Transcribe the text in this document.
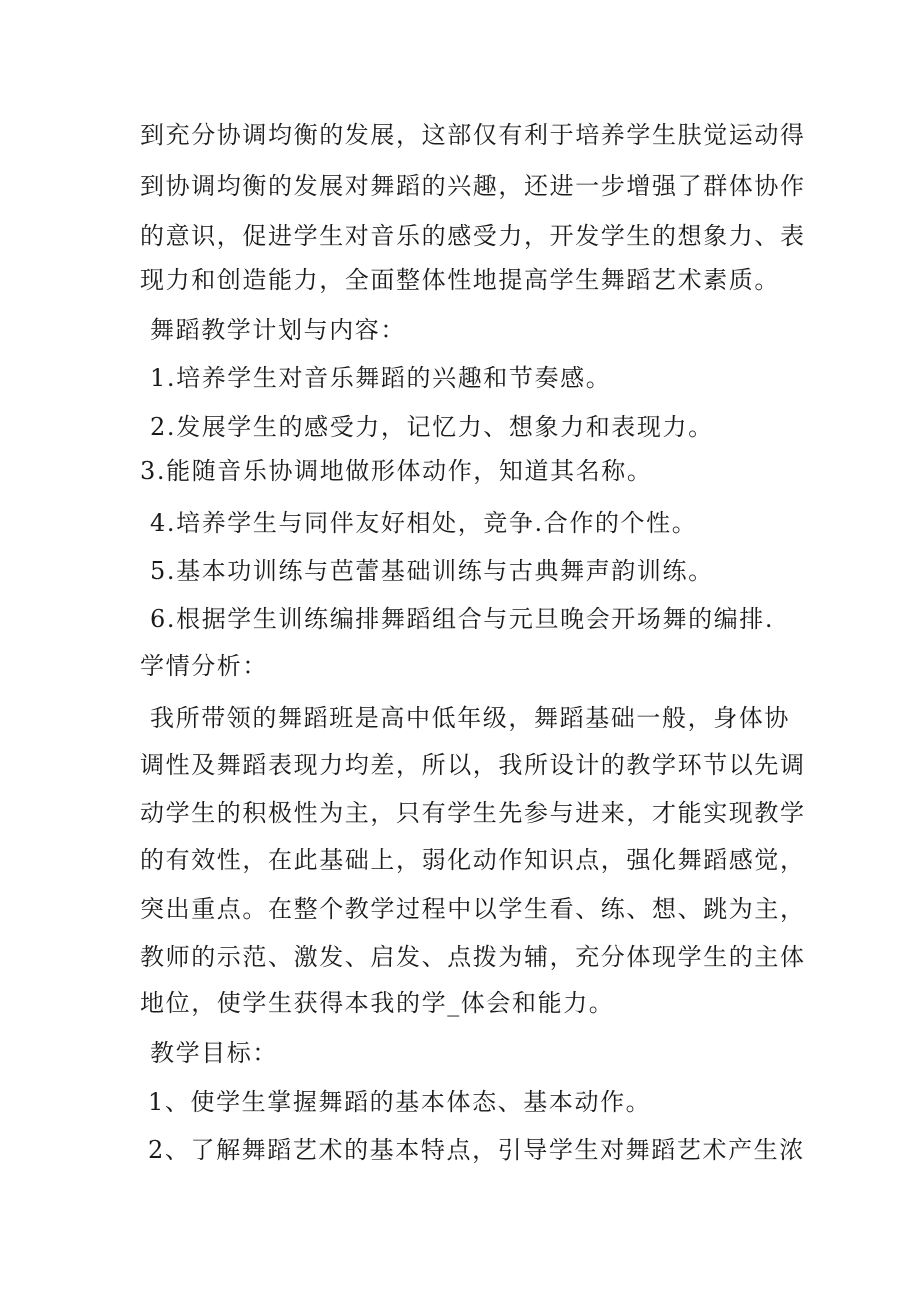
到充分协调均衡的发展，这部仅有利于培养学生肤觉运动得
到协调均衡的发展对舞蹈的兴趣，还进一步增强了群体协作
的意识，促进学生对音乐的感受力，开发学生的想象力、表
现力和创造能力，全面整体性地提高学生舞蹈艺术素质。
舞蹈教学计划与内容：
1.培养学生对音乐舞蹈的兴趣和节奏感。
2.发展学生的感受力，记忆力、想象力和表现力。
3.能随音乐协调地做形体动作，知道其名称。
4.培养学生与同伴友好相处，竞争.合作的个性。
5.基本功训练与芭蕾基础训练与古典舞声韵训练。
6.根据学生训练编排舞蹈组合与元旦晚会开场舞的编排.
学情分析：
我所带领的舞蹈班是高中低年级，舞蹈基础一般，身体协
调性及舞蹈表现力均差，所以，我所设计的教学环节以先调
动学生的积极性为主，只有学生先参与进来，才能实现教学
的有效性，在此基础上，弱化动作知识点，强化舞蹈感觉，
突出重点。在整个教学过程中以学生看、练、想、跳为主，
教师的示范、激发、启发、点拨为辅，充分体现学生的主体
地位，使学生获得本我的学_体会和能力。
教学目标：
1、使学生掌握舞蹈的基本体态、基本动作。
2、了解舞蹈艺术的基本特点，引导学生对舞蹈艺术产生浓
